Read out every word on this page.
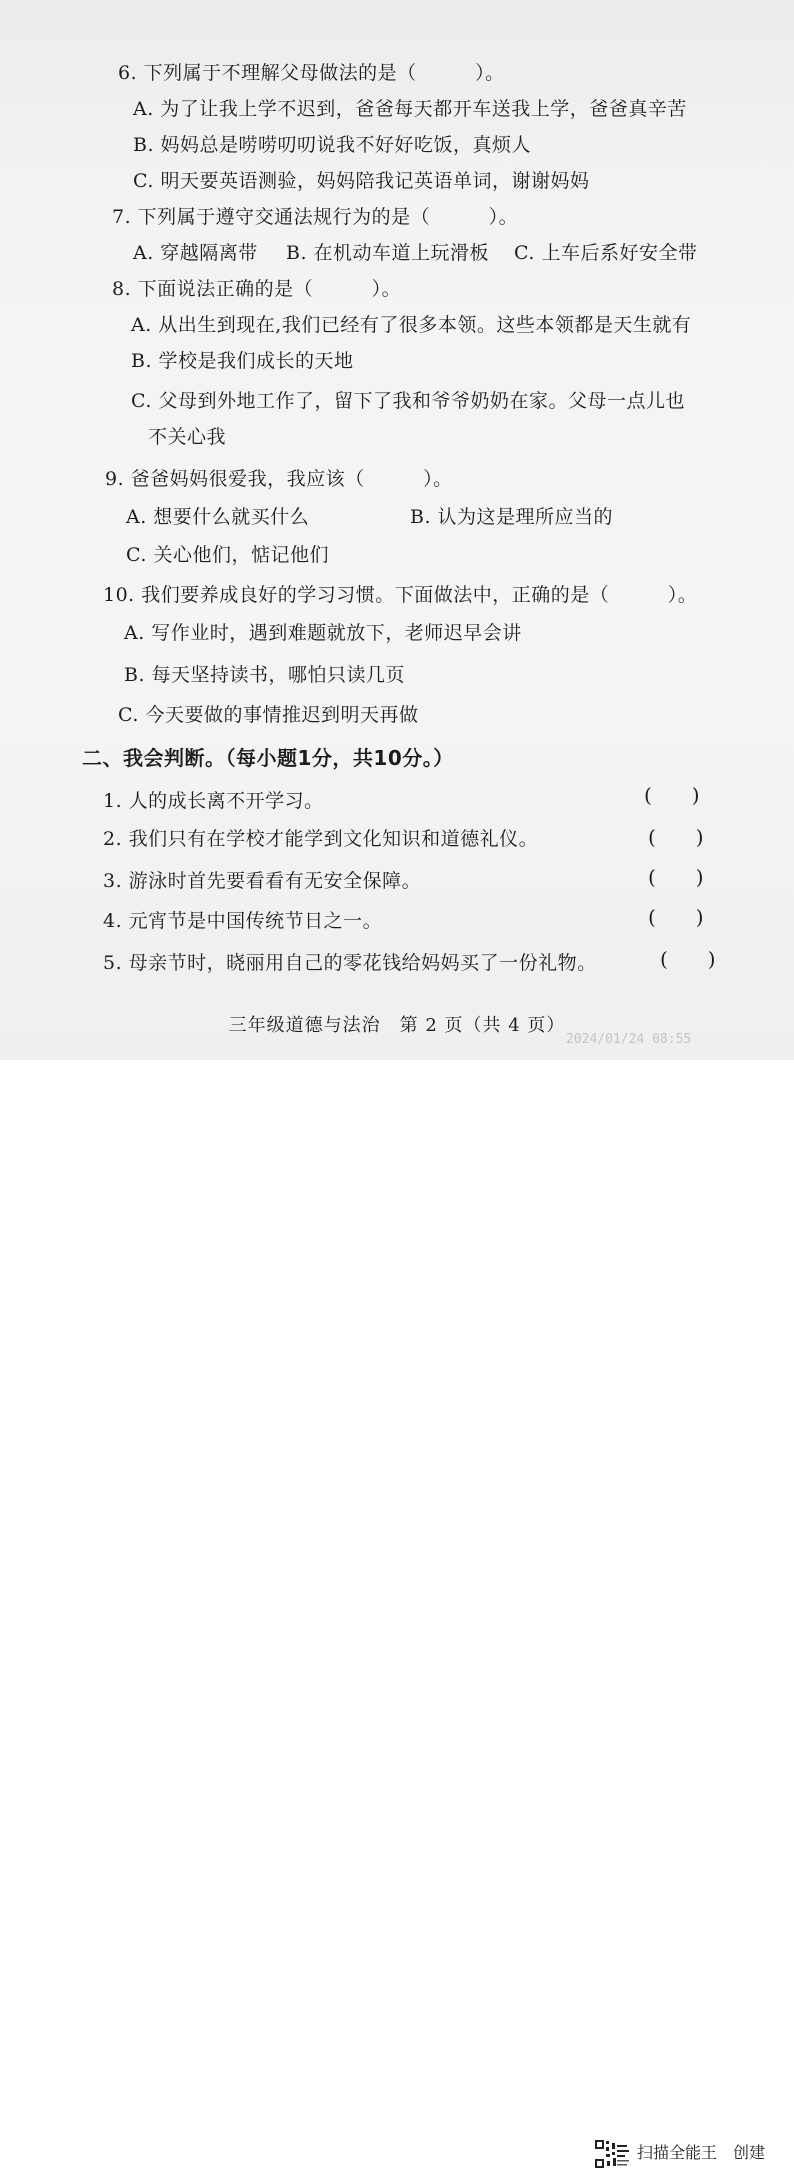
6. 下列属于不理解父母做法的是（　　　）。
A. 为了让我上学不迟到，爸爸每天都开车送我上学，爸爸真辛苦
B. 妈妈总是唠唠叨叨说我不好好吃饭，真烦人
C. 明天要英语测验，妈妈陪我记英语单词，谢谢妈妈
7. 下列属于遵守交通法规行为的是（　　　）。
A. 穿越隔离带 B. 在机动车道上玩滑板 C. 上车后系好安全带
8. 下面说法正确的是（　　　）。
A. 从出生到现在,我们已经有了很多本领。这些本领都是天生就有
B. 学校是我们成长的天地
C. 父母到外地工作了，留下了我和爷爷奶奶在家。父母一点儿也
不关心我
9. 爸爸妈妈很爱我，我应该（　　　）。
A. 想要什么就买什么	B. 认为这是理所应当的
C. 关心他们，惦记他们
10. 我们要养成良好的学习习惯。下面做法中，正确的是（　　　）。
A. 写作业时，遇到难题就放下，老师迟早会讲
B. 每天坚持读书，哪怕只读几页
C. 今天要做的事情推迟到明天再做
二、我会判断。（每小题1分，共10分。）
1. 人的成长离不开学习。	(　　)
2. 我们只有在学校才能学到文化知识和道德礼仪。	(　　)
3. 游泳时首先要看看有无安全保障。	(　　)
4. 元宵节是中国传统节日之一。	(　　)
5. 母亲节时，晓丽用自己的零花钱给妈妈买了一份礼物。	(　　)
三年级道德与法治　第 2 页（共 4 页）
2024/01/24 08:55
扫描全能王　创建
